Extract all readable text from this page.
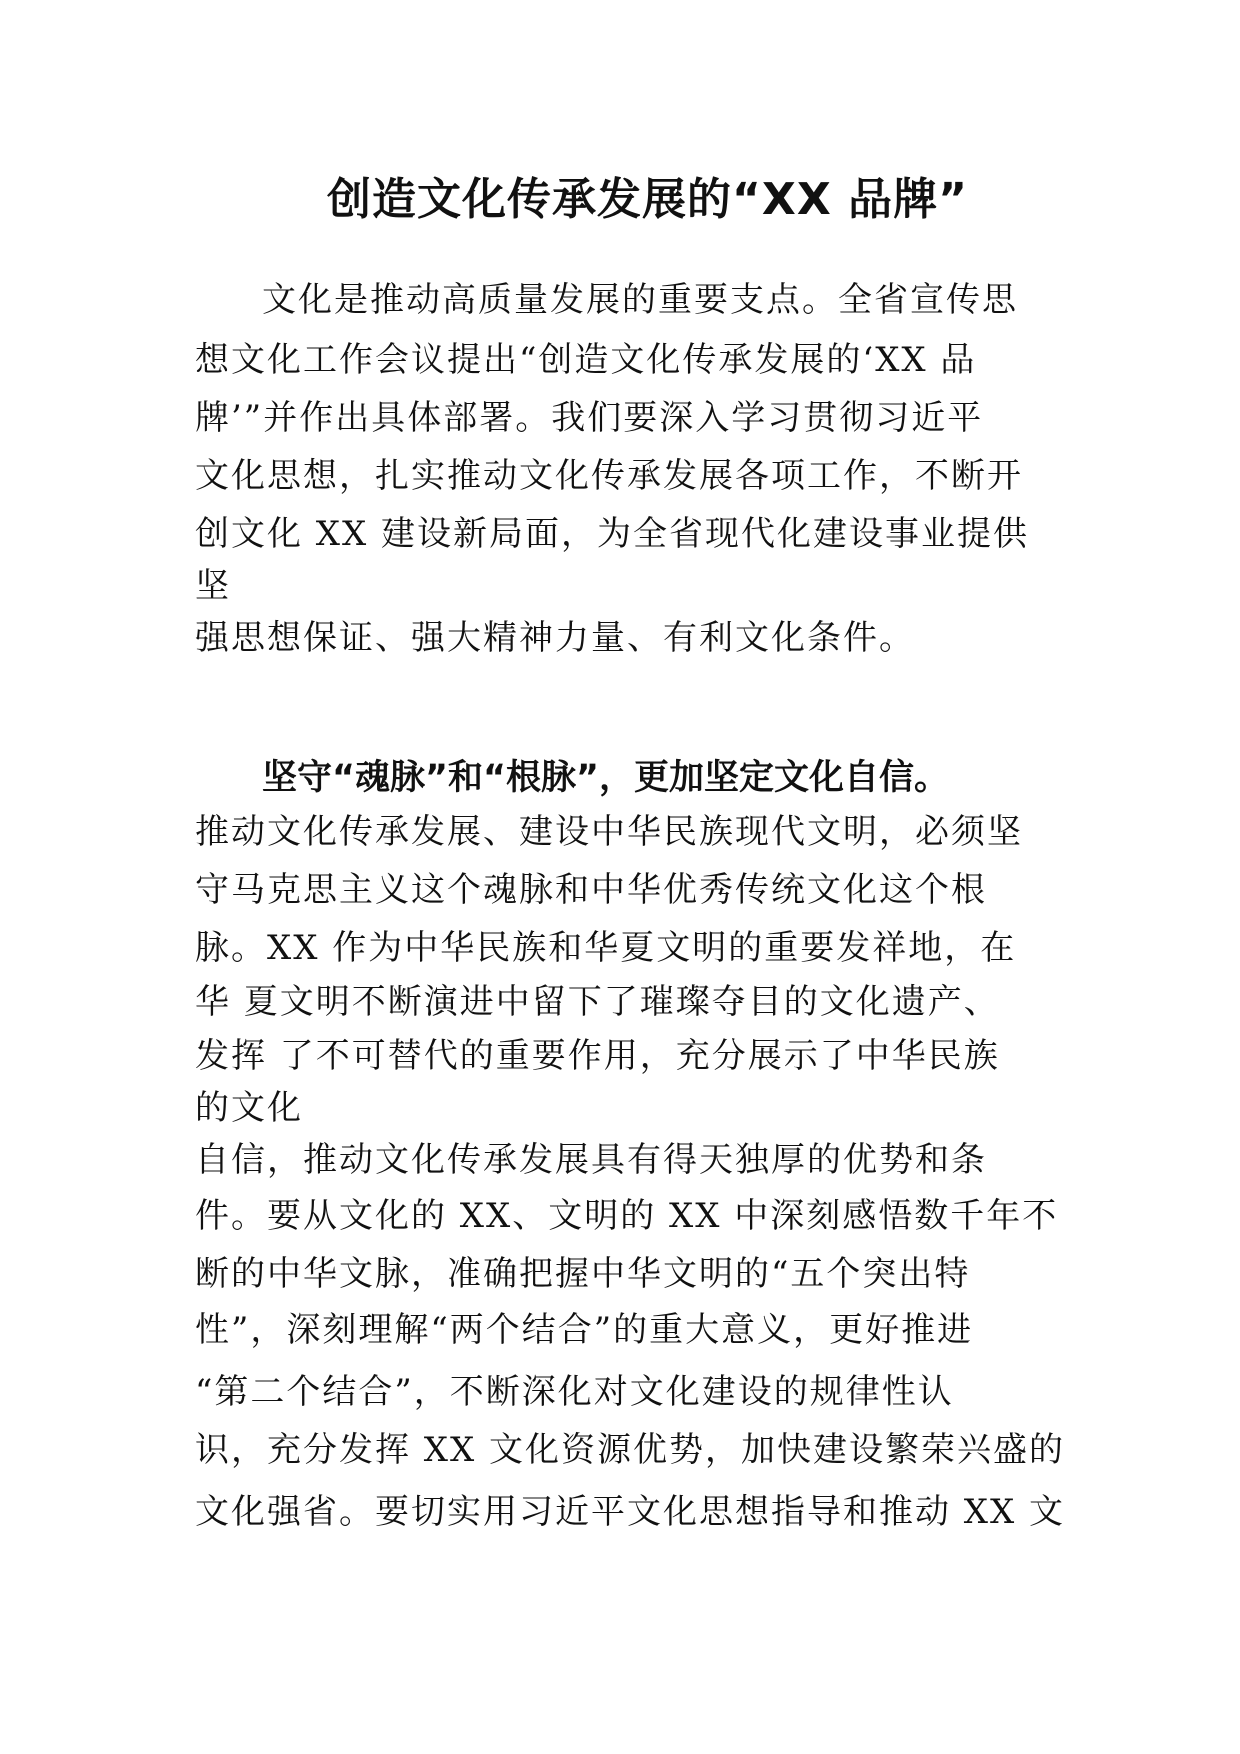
创造文化传承发展的“XX 品牌”
文化是推动高质量发展的重要支点。全省宣传思
想文化工作会议提出“创造文化传承发展的‘XX 品
牌’”并作出具体部署。我们要深入学习贯彻习近平
文化思想，扎实推动文化传承发展各项工作，不断开
创文化 XX 建设新局面，为全省现代化建设事业提供
坚
强思想保证、强大精神力量、有利文化条件。
坚守“魂脉”和“根脉”，更加坚定文化自信。
推动文化传承发展、建设中华民族现代文明，必须坚
守马克思主义这个魂脉和中华优秀传统文化这个根
脉。XX 作为中华民族和华夏文明的重要发祥地，在
华 夏文明不断演进中留下了璀璨夺目的文化遗产、
发挥 了不可替代的重要作用，充分展示了中华民族
的文化
自信，推动文化传承发展具有得天独厚的优势和条
件。要从文化的 XX、文明的 XX 中深刻感悟数千年不
断的中华文脉，准确把握中华文明的“五个突出特
性”，深刻理解“两个结合”的重大意义，更好推进
“第二个结合”，不断深化对文化建设的规律性认
识，充分发挥 XX 文化资源优势，加快建设繁荣兴盛的
文化强省。要切实用习近平文化思想指导和推动 XX 文
